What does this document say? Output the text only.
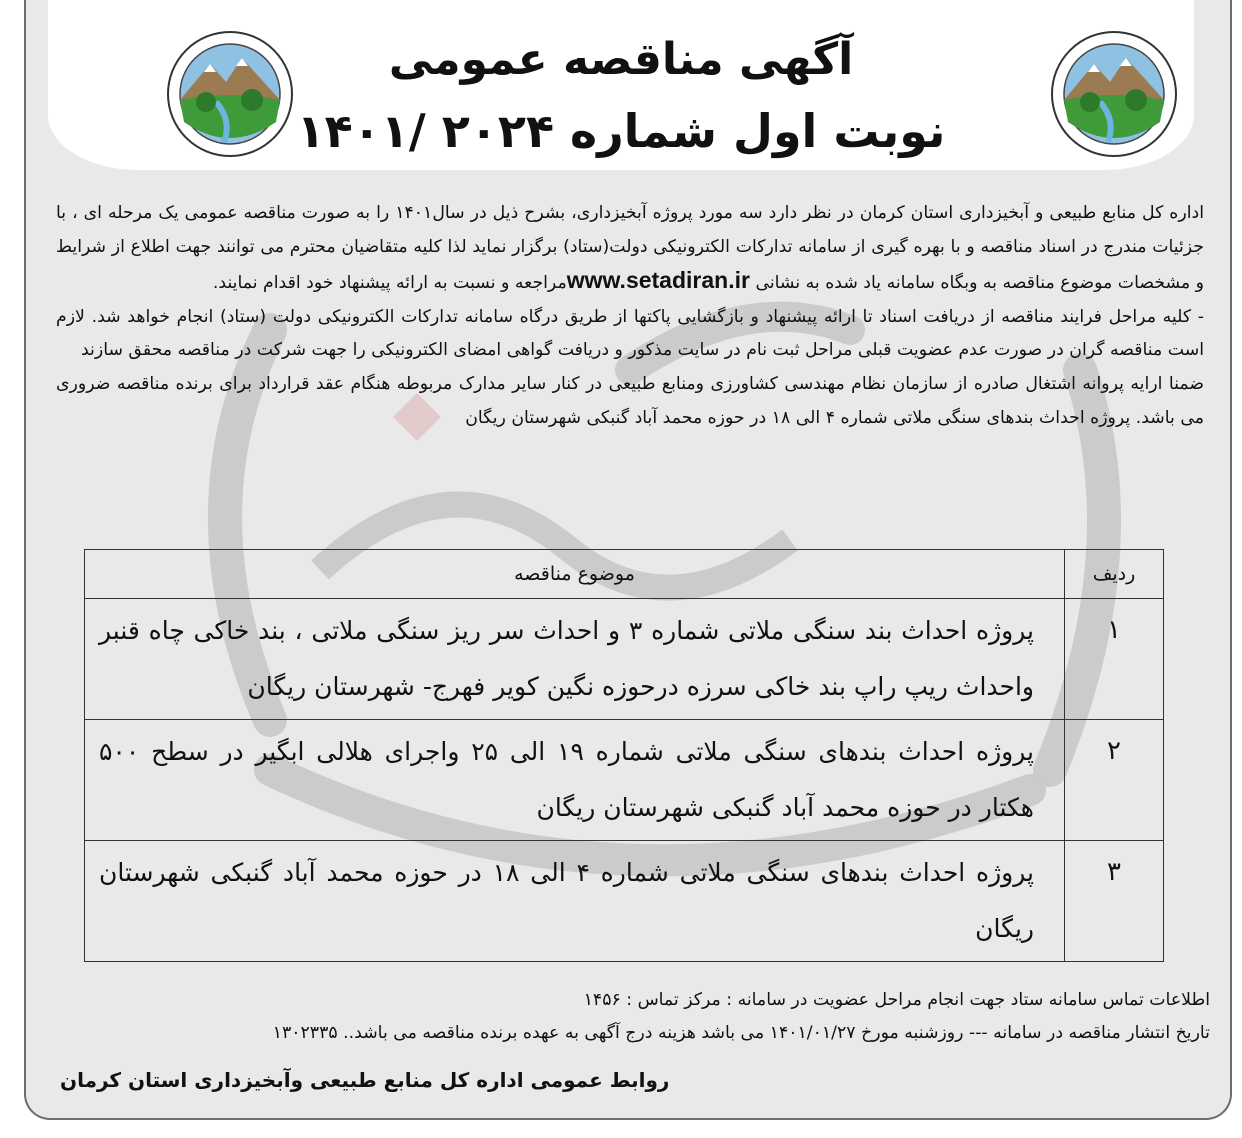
آگهی مناقصه عمومی
نوبت اول شماره ۲۰۲۴ /۱۴۰۱

اداره کل منابع طبیعی و آبخیزداری استان کرمان در نظر دارد سه مورد پروژه آبخیزداری، بشرح ذیل در سال۱۴۰۱ را به صورت مناقصه عمومی یک مرحله ای ، با جزئیات مندرج در اسناد مناقصه و با بهره گیری از سامانه تدارکات الکترونیکی دولت(ستاد) برگزار نماید لذا کلیه متقاضیان محترم می توانند جهت اطلاع از شرایط و مشخصات موضوع مناقصه به وبگاه سامانه یاد شده به نشانی www.setadiran.irمراجعه و نسبت به ارائه پیشنهاد خود اقدام نمایند.

- کلیه مراحل فرایند مناقصه از دریافت اسناد تا ارائه پیشنهاد و بازگشایی پاکتها از طریق درگاه سامانه تدارکات الکترونیکی دولت (ستاد) انجام خواهد شد. لازم است مناقصه گران در صورت عدم عضویت قبلی مراحل ثبت نام در سایت مذکور و دریافت گواهی امضای الکترونیکی را جهت شرکت در مناقصه محقق سازند

ضمنا ارایه پروانه اشتغال صادره از سازمان نظام مهندسی کشاورزی ومنابع طبیعی در کنار سایر مدارک مربوطه هنگام عقد قرارداد برای برنده مناقصه ضروری می باشد. پروژه احداث بندهای سنگی ملاتی شماره ۴ الی ۱۸ در حوزه محمد آباد گنبکی شهرستان ریگان

ردیف	موضوع مناقصه
۱	پروژه احداث بند سنگی ملاتی شماره ۳ و احداث سر ریز سنگی ملاتی ، بند خاکی چاه قنبر واحداث ریپ راپ بند خاکی سرزه درحوزه نگین کویر فهرج- شهرستان ریگان
۲	پروژه احداث بندهای سنگی ملاتی شماره ۱۹ الی ۲۵ واجرای هلالی ابگیر در سطح ۵۰۰ هکتار در حوزه محمد آباد گنبکی شهرستان ریگان
۳	پروژه احداث بندهای سنگی ملاتی شماره ۴ الی ۱۸ در حوزه محمد آباد گنبکی شهرستان ریگان

اطلاعات تماس سامانه ستاد جهت انجام مراحل عضویت در سامانه : مرکز تماس : ۱۴۵۶

تاریخ انتشار مناقصه در سامانه --- روزشنبه مورخ ۱۴۰۱/۰۱/۲۷ می باشد هزینه درج آگهی به عهده برنده مناقصه می باشد.. ۱۳۰۲۳۳۵

روابط عمومی اداره کل منابع طبیعی وآبخیزداری استان کرمان
